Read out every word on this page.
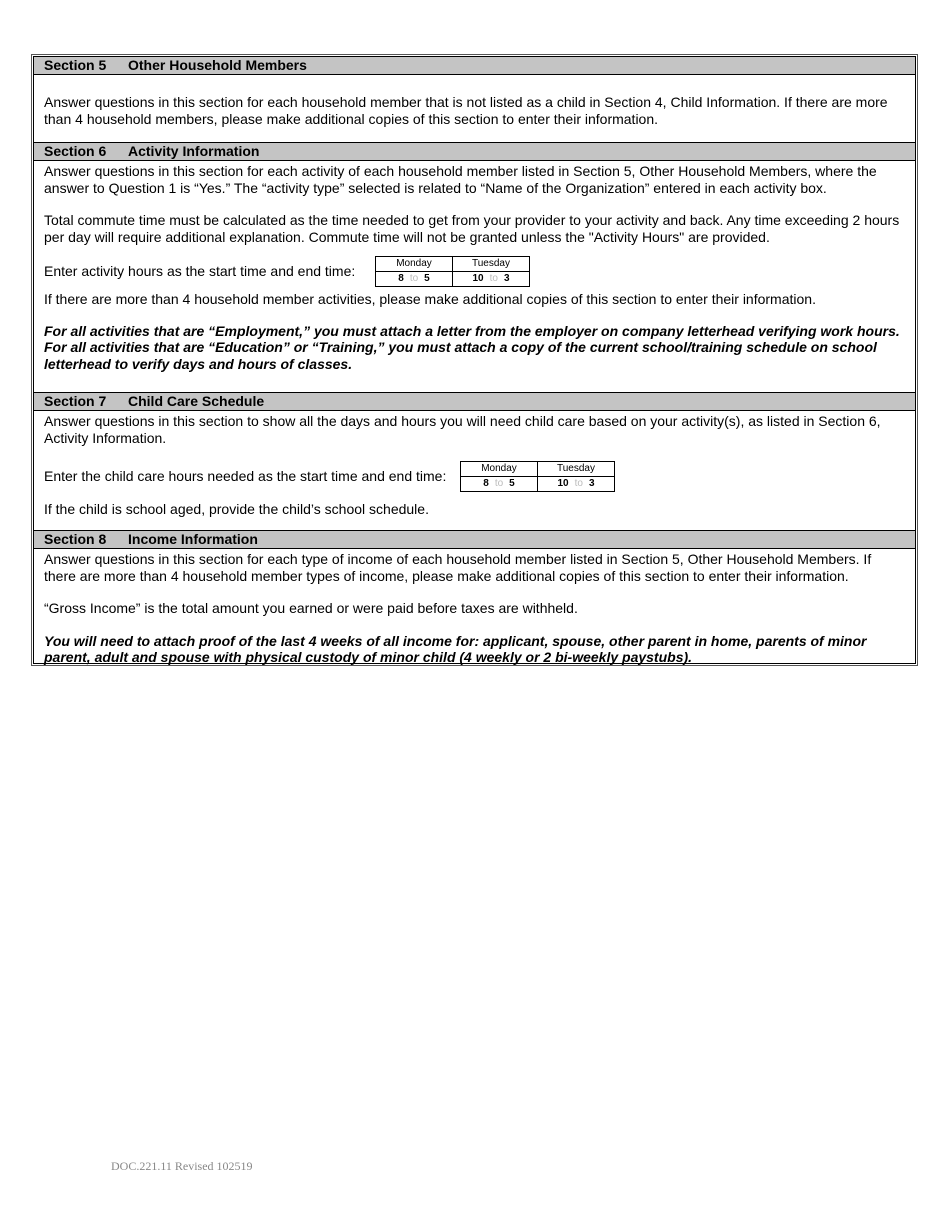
Section 5 Other Household Members

Answer questions in this section for each household member that is not listed as a child in Section 4, Child Information. If there are more than 4 household members, please make additional copies of this section to enter their information.

Section 6 Activity Information

Answer questions in this section for each activity of each household member listed in Section 5, Other Household Members, where the answer to Question 1 is “Yes.” The “activity type” selected is related to “Name of the Organization” entered in each activity box.

Total commute time must be calculated as the time needed to get from your provider to your activity and back. Any time exceeding 2 hours per day will require additional explanation. Commute time will not be granted unless the "Activity Hours" are provided.

Enter activity hours as the start time and end time:	Monday	Tuesday
8 to 5	10 to 3

If there are more than 4 household member activities, please make additional copies of this section to enter their information.

For all activities that are “Employment,” you must attach a letter from the employer on company letterhead verifying work hours. For all activities that are “Education” or “Training,” you must attach a copy of the current school/training schedule on school letterhead to verify days and hours of classes.

Section 7 Child Care Schedule

Answer questions in this section to show all the days and hours you will need child care based on your activity(s), as listed in Section 6, Activity Information.

Enter the child care hours needed as the start time and end time:	Monday	Tuesday
8 to 5	10 to 3

If the child is school aged, provide the child’s school schedule.

Section 8 Income Information

Answer questions in this section for each type of income of each household member listed in Section 5, Other Household Members. If there are more than 4 household member types of income, please make additional copies of this section to enter their information.

“Gross Income” is the total amount you earned or were paid before taxes are withheld.

You will need to attach proof of the last 4 weeks of all income for: applicant, spouse, other parent in home, parents of minor parent, adult and spouse with physical custody of minor child (4 weekly or 2 bi-weekly paystubs).

DOC.221.11 Revised 102519
